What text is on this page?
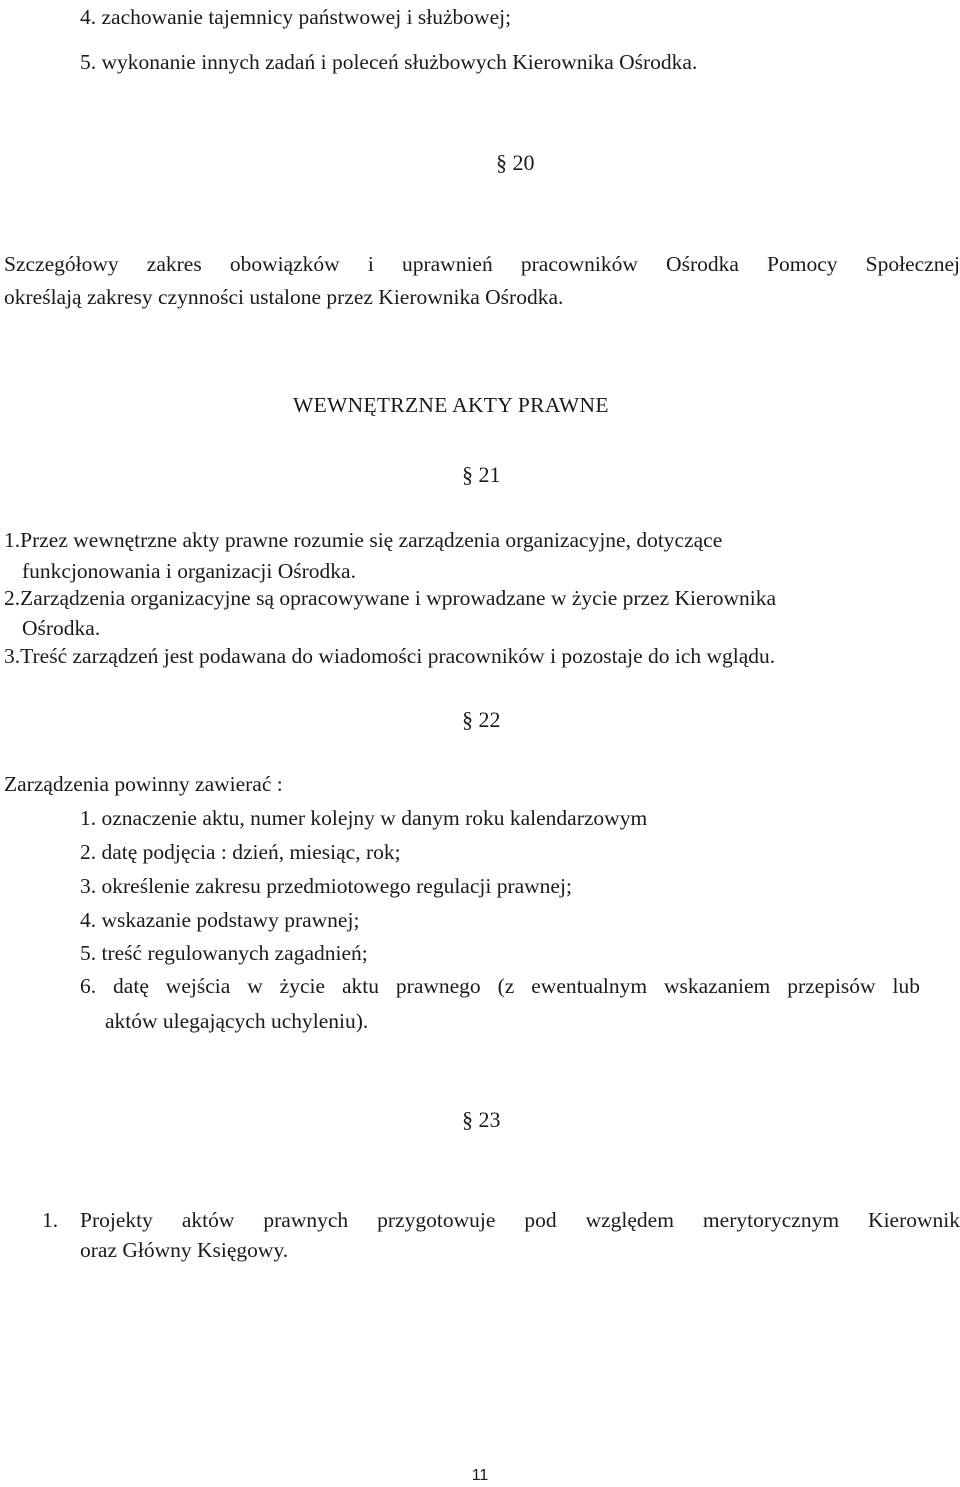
4. zachowanie tajemnicy państwowej i służbowej;
5. wykonanie innych zadań i poleceń służbowych Kierownika Ośrodka.
§ 20
Szczegółowy zakres obowiązków i uprawnień pracowników Ośrodka Pomocy Społecznej
określają zakresy czynności ustalone przez Kierownika Ośrodka.
WEWNĘTRZNE AKTY PRAWNE
§ 21
1.Przez wewnętrzne akty prawne rozumie się zarządzenia organizacyjne, dotyczące
funkcjonowania i organizacji Ośrodka.
2.Zarządzenia organizacyjne są opracowywane i wprowadzane w życie przez Kierownika
Ośrodka.
3.Treść zarządzeń jest podawana do wiadomości pracowników i pozostaje do ich wglądu.
§ 22
Zarządzenia powinny zawierać :
1. oznaczenie aktu, numer kolejny w danym roku kalendarzowym
2. datę podjęcia : dzień, miesiąc, rok;
3. określenie zakresu przedmiotowego regulacji prawnej;
4. wskazanie podstawy prawnej;
5. treść regulowanych zagadnień;
6. datę wejścia w życie aktu prawnego (z ewentualnym wskazaniem przepisów lub
aktów ulegających uchyleniu).
§ 23
1. Projekty aktów prawnych przygotowuje pod względem merytorycznym Kierownik
oraz Główny Księgowy.
11
